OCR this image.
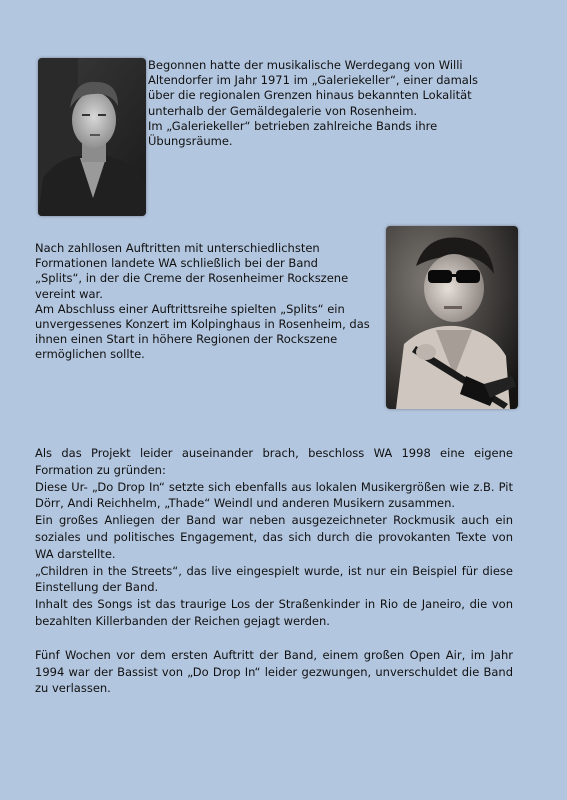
Begonnen hatte der musikalische Werdegang von Willi
Altendorfer im Jahr 1971 im „Galeriekeller“, einer damals
über die regionalen Grenzen hinaus bekannten Lokalität
unterhalb der Gemäldegalerie von Rosenheim.
Im „Galeriekeller“ betrieben zahlreiche Bands ihre
Übungsräume.
Nach zahllosen Auftritten mit unterschiedlichsten
Formationen landete WA schließlich bei der Band
„Splits“, in der die Creme der Rosenheimer Rockszene
vereint war.
Am Abschluss einer Auftrittsreihe spielten „Splits“ ein
unvergessenes Konzert im Kolpinghaus in Rosenheim, das
ihnen einen Start in höhere Regionen der Rockszene
ermöglichen sollte.

Als das Projekt leider auseinander brach, beschloss WA 1998 eine eigene Formation zu gründen:

Diese Ur- „Do Drop In“ setzte sich ebenfalls aus lokalen Musikergrößen wie z.B. Pit Dörr, Andi Reichhelm, „Thade“ Weindl und anderen Musikern zusammen.

Ein großes Anliegen der Band war neben ausgezeichneter Rockmusik auch ein soziales und politisches Engagement, das sich durch die provokanten Texte von WA darstellte.

„Children in the Streets“, das live eingespielt wurde, ist nur ein Beispiel für diese Einstellung der Band.

Inhalt des Songs ist das traurige Los der Straßenkinder in Rio de Janeiro, die von bezahlten Killerbanden der Reichen gejagt werden.

Fünf Wochen vor dem ersten Auftritt der Band, einem großen Open Air, im Jahr 1994 war der Bassist von „Do Drop In“ leider gezwungen, unverschuldet die Band zu verlassen.
